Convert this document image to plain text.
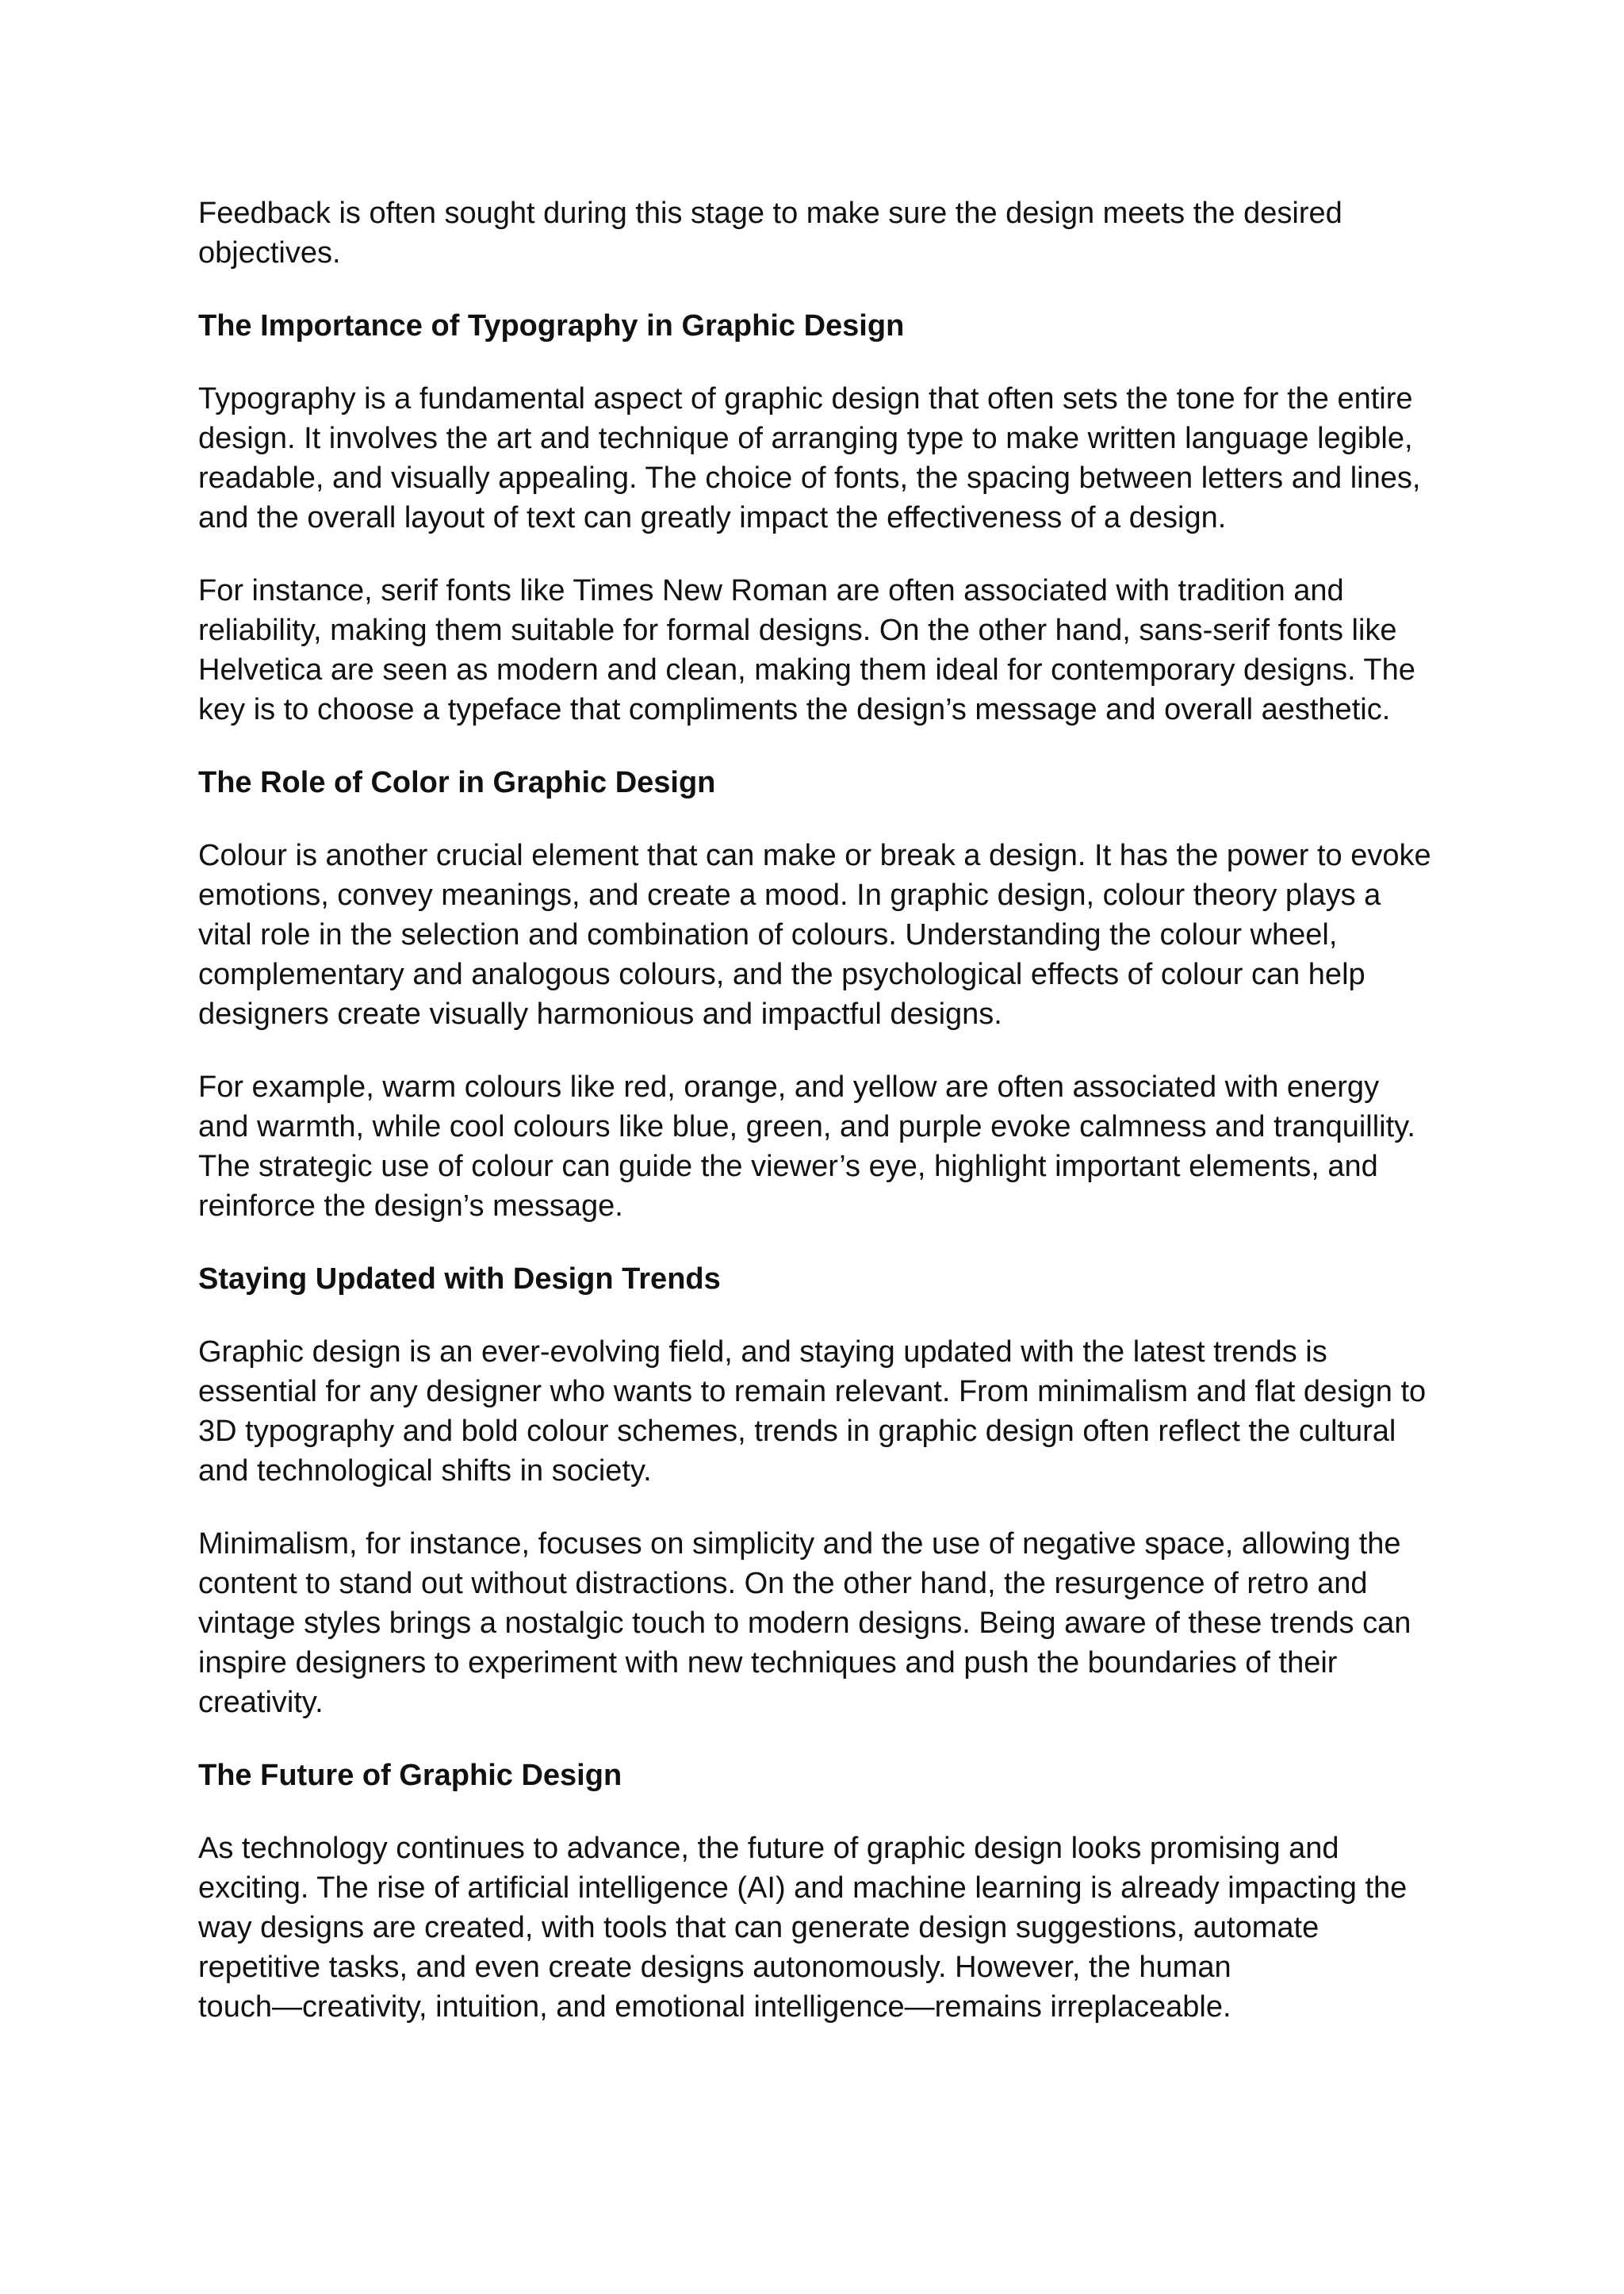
Feedback is often sought during this stage to make sure the design meets the desired
objectives.
The Importance of Typography in Graphic Design
Typography is a fundamental aspect of graphic design that often sets the tone for the entire
design. It involves the art and technique of arranging type to make written language legible,
readable, and visually appealing. The choice of fonts, the spacing between letters and lines,
and the overall layout of text can greatly impact the effectiveness of a design.
For instance, serif fonts like Times New Roman are often associated with tradition and
reliability, making them suitable for formal designs. On the other hand, sans-serif fonts like
Helvetica are seen as modern and clean, making them ideal for contemporary designs. The
key is to choose a typeface that compliments the design’s message and overall aesthetic.
The Role of Color in Graphic Design
Colour is another crucial element that can make or break a design. It has the power to evoke
emotions, convey meanings, and create a mood. In graphic design, colour theory plays a
vital role in the selection and combination of colours. Understanding the colour wheel,
complementary and analogous colours, and the psychological effects of colour can help
designers create visually harmonious and impactful designs.
For example, warm colours like red, orange, and yellow are often associated with energy
and warmth, while cool colours like blue, green, and purple evoke calmness and tranquillity.
The strategic use of colour can guide the viewer’s eye, highlight important elements, and
reinforce the design’s message.
Staying Updated with Design Trends
Graphic design is an ever-evolving field, and staying updated with the latest trends is
essential for any designer who wants to remain relevant. From minimalism and flat design to
3D typography and bold colour schemes, trends in graphic design often reflect the cultural
and technological shifts in society.
Minimalism, for instance, focuses on simplicity and the use of negative space, allowing the
content to stand out without distractions. On the other hand, the resurgence of retro and
vintage styles brings a nostalgic touch to modern designs. Being aware of these trends can
inspire designers to experiment with new techniques and push the boundaries of their
creativity.
The Future of Graphic Design
As technology continues to advance, the future of graphic design looks promising and
exciting. The rise of artificial intelligence (AI) and machine learning is already impacting the
way designs are created, with tools that can generate design suggestions, automate
repetitive tasks, and even create designs autonomously. However, the human
touch—creativity, intuition, and emotional intelligence—remains irreplaceable.
